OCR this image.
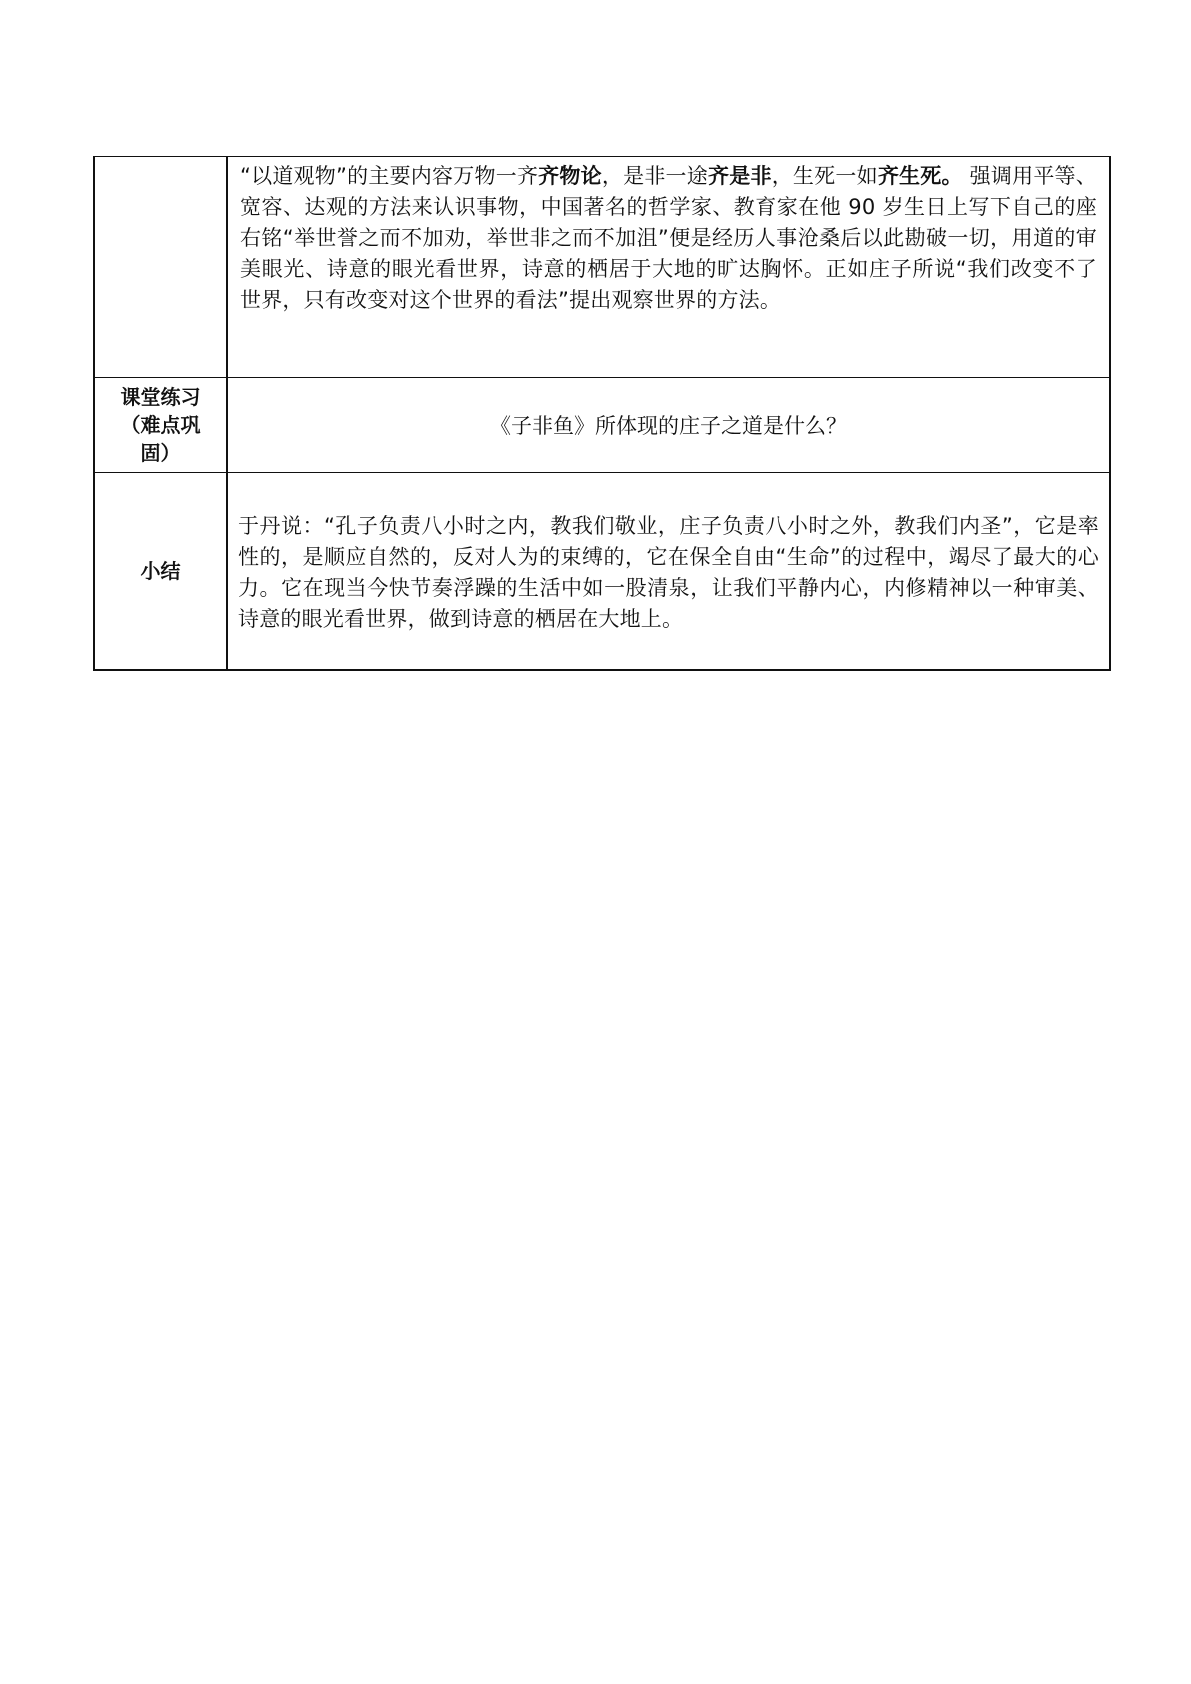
	“以道观物”的主要内容万物一齐齐物论，是非一途齐是非，生死一如齐生死。 强调用平等、宽容、达观的方法来认识事物，中国著名的哲学家、教育家在他 90 岁生日上写下自己的座右铭“举世誉之而不加劝，举世非之而不加沮”便是经历人事沧桑后以此勘破一切，用道的审美眼光、诗意的眼光看世界，诗意的栖居于大地的旷达胸怀。正如庄子所说“我们改变不了世界，只有改变对这个世界的看法”提出观察世界的方法。

课堂练习
（难点巩
固）	《子非鱼》所体现的庄子之道是什么？

小结	于丹说：“孔子负责八小时之内，教我们敬业，庄子负责八小时之外，教我们内圣”，它是率性的，是顺应自然的，反对人为的束缚的，它在保全自由“生命”的过程中，竭尽了最大的心力。它在现当今快节奏浮躁的生活中如一股清泉，让我们平静内心，内修精神以一种审美、诗意的眼光看世界，做到诗意的栖居在大地上。
